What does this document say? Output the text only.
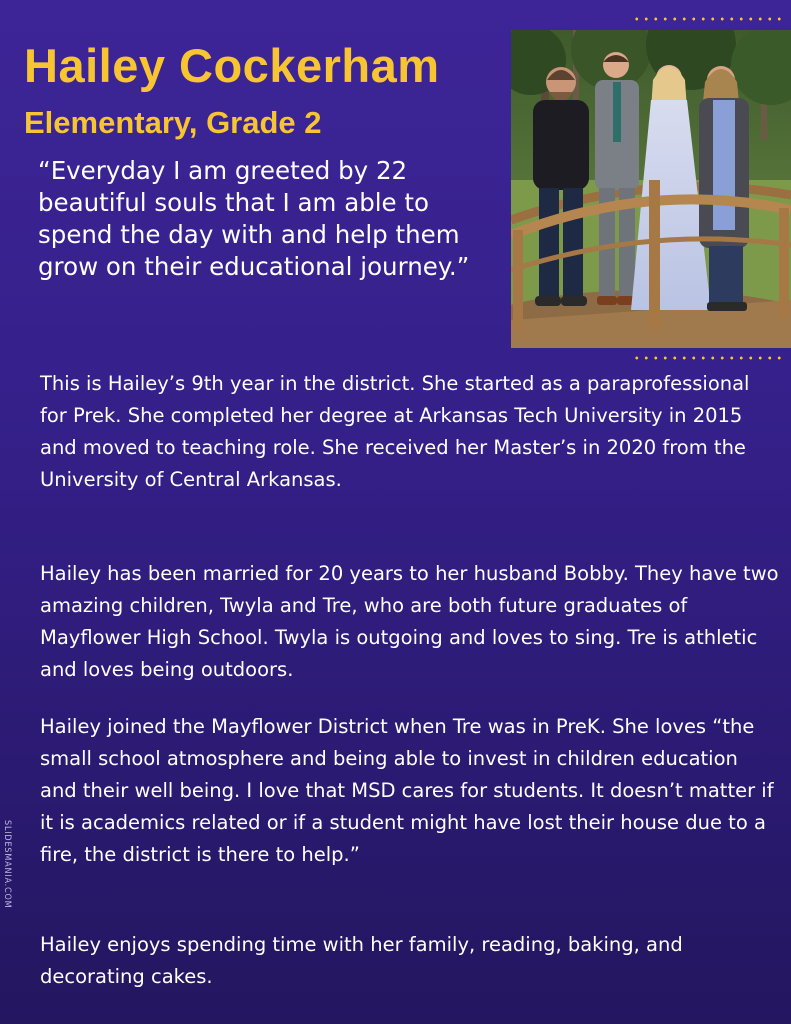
Hailey Cockerham
Elementary, Grade 2

“Everyday I am greeted by 22 beautiful souls that I am able to spend the day with and help them grow on their educational journey.”

This is Hailey’s 9th year in the district. She started as a paraprofessional for Prek. She completed her degree at Arkansas Tech University in 2015 and moved to teaching role. She received her Master’s in 2020 from the University of Central Arkansas.

Hailey has been married for 20 years to her husband Bobby. They have two amazing children, Twyla and Tre, who are both future graduates of Mayflower High School. Twyla is outgoing and loves to sing. Tre is athletic and loves being outdoors.

Hailey joined the Mayflower District when Tre was in PreK. She loves “the small school atmosphere and being able to invest in children education and their well being. I love that MSD cares for students. It doesn’t matter if it is academics related or if a student might have lost their house due to a fire, the district is there to help.”

Hailey enjoys spending time with her family, reading, baking, and decorating cakes.

SLIDESMANIA.COM
